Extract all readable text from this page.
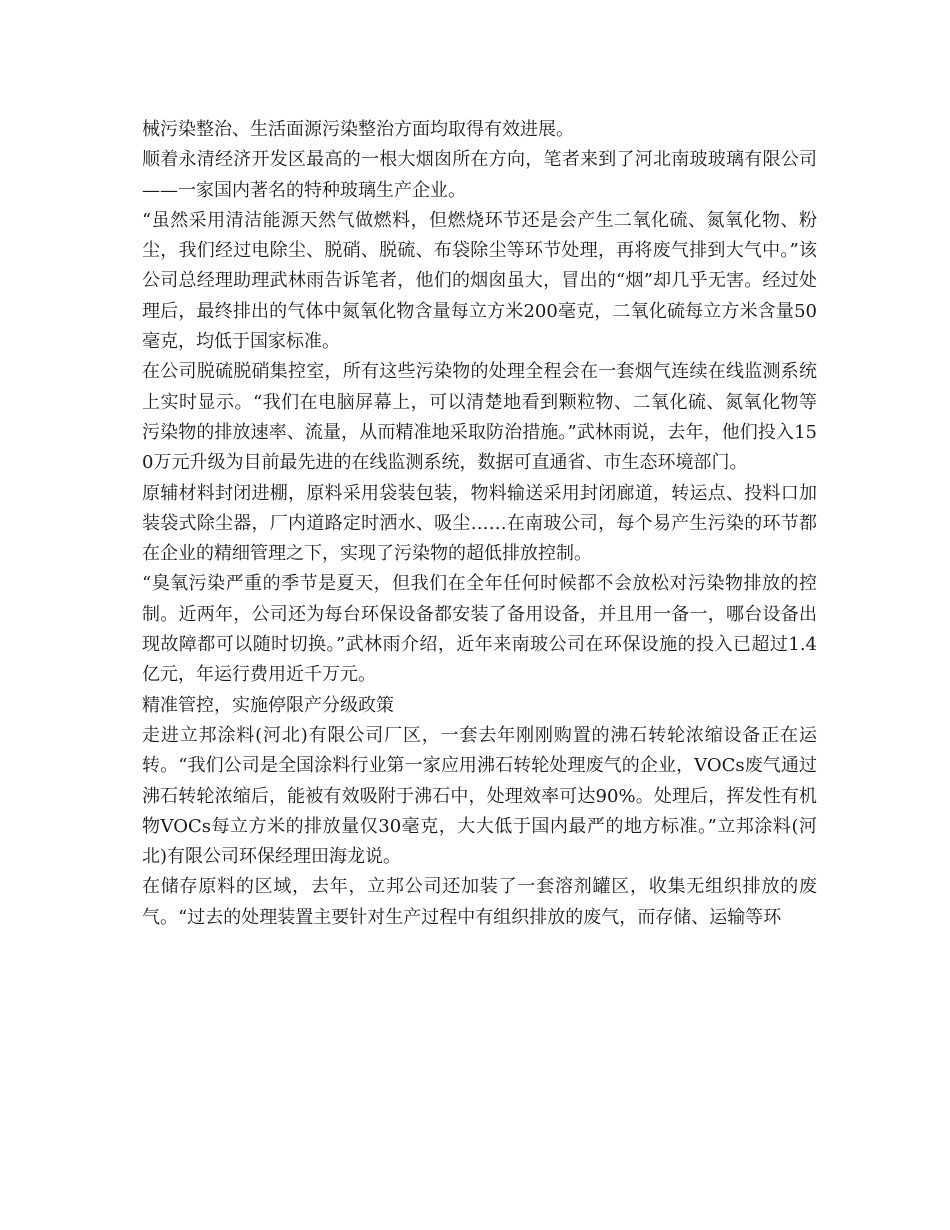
械污染整治、生活面源污染整治方面均取得有效进展。

顺着永清经济开发区最高的一根大烟囱所在方向，笔者来到了河北南玻玻璃有限公司——一家国内著名的特种玻璃生产企业。

“虽然采用清洁能源天然气做燃料，但燃烧环节还是会产生二氧化硫、氮氧化物、粉尘，我们经过电除尘、脱硝、脱硫、布袋除尘等环节处理，再将废气排到大气中。”该公司总经理助理武林雨告诉笔者，他们的烟囱虽大，冒出的“烟”却几乎无害。经过处理后，最终排出的气体中氮氧化物含量每立方米200毫克，二氧化硫每立方米含量50毫克，均低于国家标准。

在公司脱硫脱硝集控室，所有这些污染物的处理全程会在一套烟气连续在线监测系统上实时显示。“我们在电脑屏幕上，可以清楚地看到颗粒物、二氧化硫、氮氧化物等污染物的排放速率、流量，从而精准地采取防治措施。”武林雨说，去年，他们投入150万元升级为目前最先进的在线监测系统，数据可直通省、市生态环境部门。

原辅材料封闭进棚，原料采用袋装包装，物料输送采用封闭廊道，转运点、投料口加装袋式除尘器，厂内道路定时洒水、吸尘……在南玻公司，每个易产生污染的环节都在企业的精细管理之下，实现了污染物的超低排放控制。

“臭氧污染严重的季节是夏天，但我们在全年任何时候都不会放松对污染物排放的控制。近两年，公司还为每台环保设备都安装了备用设备，并且用一备一，哪台设备出现故障都可以随时切换。”武林雨介绍，近年来南玻公司在环保设施的投入已超过1.4亿元，年运行费用近千万元。

精准管控，实施停限产分级政策

走进立邦涂料(河北)有限公司厂区，一套去年刚刚购置的沸石转轮浓缩设备正在运转。“我们公司是全国涂料行业第一家应用沸石转轮处理废气的企业，VOCs废气通过沸石转轮浓缩后，能被有效吸附于沸石中，处理效率可达90%。处理后，挥发性有机物VOCs每立方米的排放量仅30毫克，大大低于国内最严的地方标准。”立邦涂料(河北)有限公司环保经理田海龙说。

在储存原料的区域，去年，立邦公司还加装了一套溶剂罐区，收集无组织排放的废气。“过去的处理装置主要针对生产过程中有组织排放的废气，而存储、运输等环
